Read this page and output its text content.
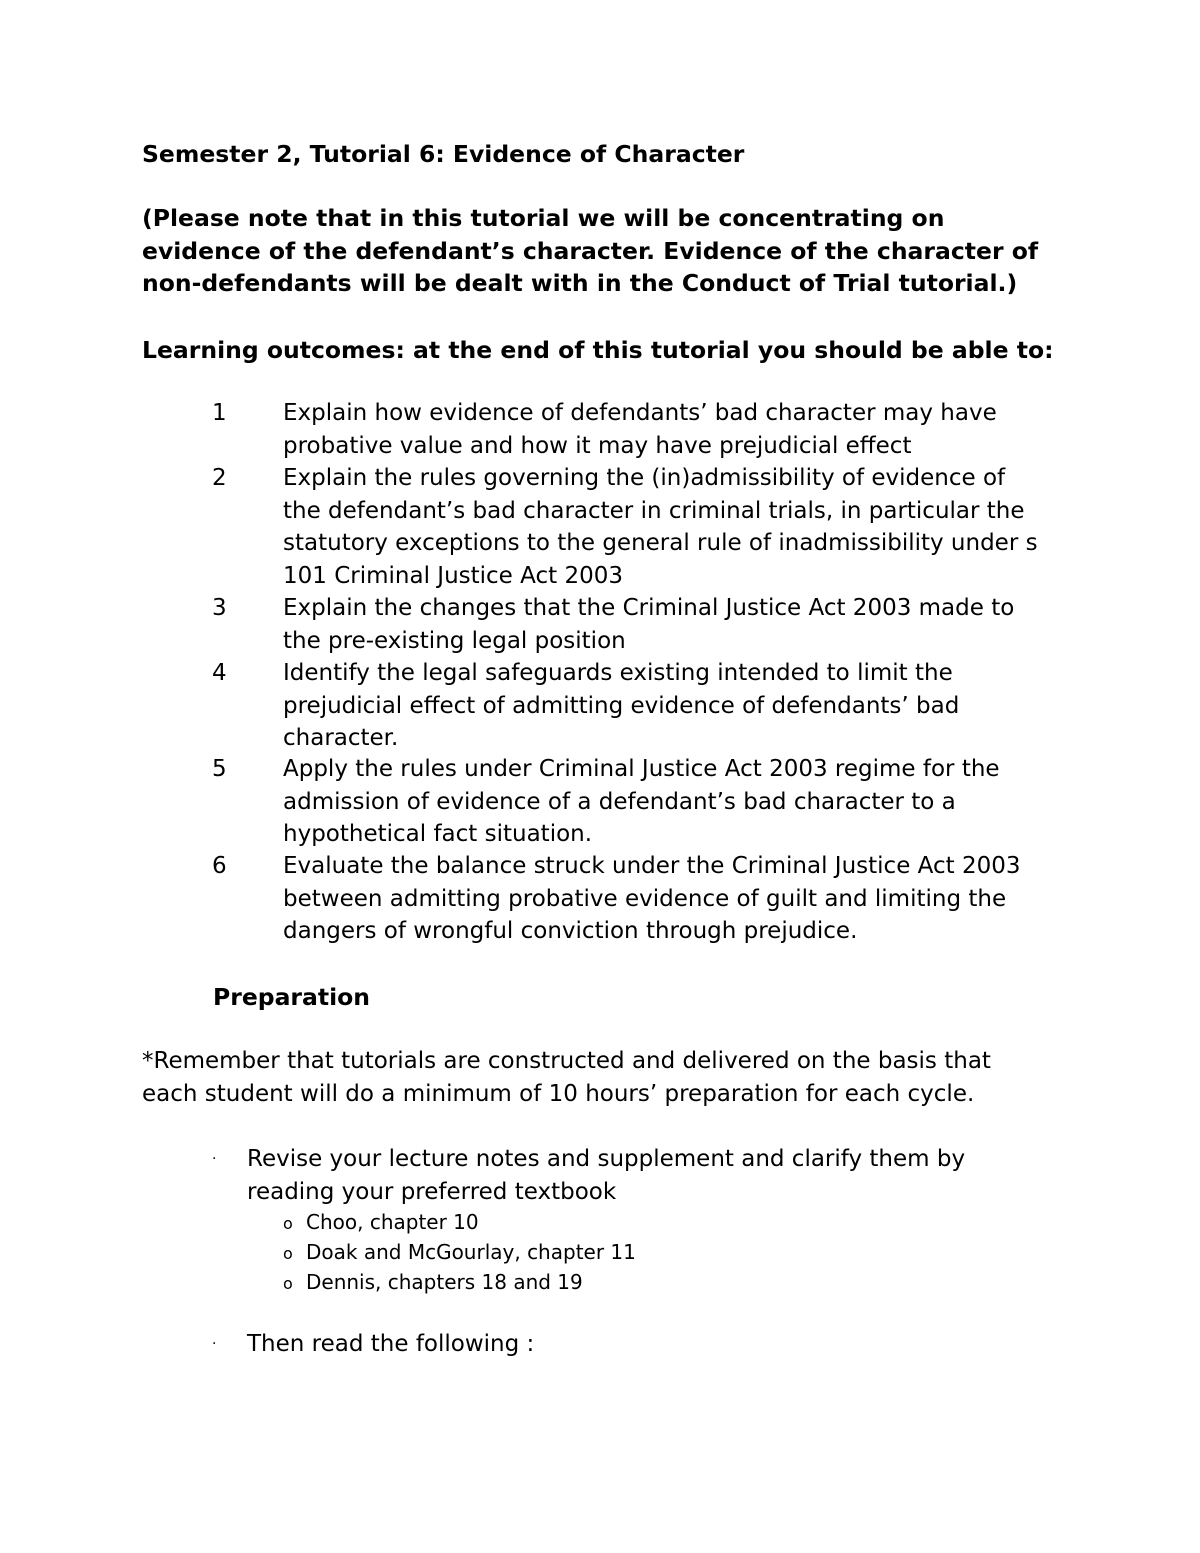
Semester 2, Tutorial 6: Evidence of Character
(Please note that in this tutorial we will be concentrating on
evidence of the defendant’s character. Evidence of the character of
non-defendants will be dealt with in the Conduct of Trial tutorial.)
Learning outcomes: at the end of this tutorial you should be able to:
1 Explain how evidence of defendants’ bad character may have
probative value and how it may have prejudicial effect
2 Explain the rules governing the (in)admissibility of evidence of
the defendant’s bad character in criminal trials, in particular the
statutory exceptions to the general rule of inadmissibility under s
101 Criminal Justice Act 2003
3 Explain the changes that the Criminal Justice Act 2003 made to
the pre-existing legal position
4 Identify the legal safeguards existing intended to limit the
prejudicial effect of admitting evidence of defendants’ bad
character.
5 Apply the rules under Criminal Justice Act 2003 regime for the
admission of evidence of a defendant’s bad character to a
hypothetical fact situation.
6 Evaluate the balance struck under the Criminal Justice Act 2003
between admitting probative evidence of guilt and limiting the
dangers of wrongful conviction through prejudice.
Preparation
*Remember that tutorials are constructed and delivered on the basis that
each student will do a minimum of 10 hours’ preparation for each cycle.
· Revise your lecture notes and supplement and clarify them by
reading your preferred textbook
o Choo, chapter 10
o Doak and McGourlay, chapter 11
o Dennis, chapters 18 and 19
· Then read the following :
